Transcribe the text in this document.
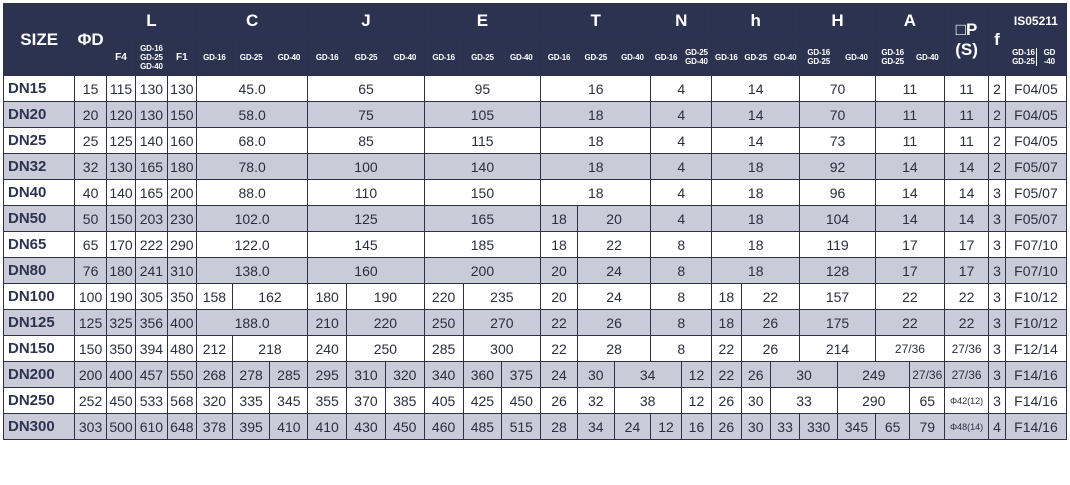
SIZE	ΦD	L			C			J			E			T			N		h			H		A		□P (S)	f	IS05211
		F4	GD-16 GD-25 GD-40	F1	GD-16	GD-25	GD-40	GD-16	GD-25	GD-40	GD-16	GD-25	GD-40	GD-16	GD-25	GD-40	GD-16	GD-25 GD-40	GD-16	GD-25	GD-40	GD-16 GD-25	GD-40	GD-16 GD-25	GD-40			GD-16 GD-25GD -40
DN15	15	115	130	130	45.0			65			95			16			4		14			70		11		11	2	F04/05
DN20	20	120	130	150	58.0			75			105			18			4		14			70		11		11	2	F04/05
DN25	25	125	140	160	68.0			85			115			18			4		14			73		11		11	2	F04/05
DN32	32	130	165	180	78.0			100			140			18			4		18			92		14		14	2	F05/07
DN40	40	140	165	200	88.0			110			150			18			4		18			96		14		14	3	F05/07
DN50	50	150	203	230	102.0			125			165			18	20		4		18			104		14		14	3	F05/07
DN65	65	170	222	290	122.0			145			185			18	22		8		18			119		17		17	3	F07/10
DN80	76	180	241	310	138.0			160			200			20	24		8		18			128		17		17	3	F07/10
DN100	100	190	305	350	158	162		180	190		220	235		20	24		8		18	22		157		22		22	3	F10/12
DN125	125	325	356	400	188.0			210	220		250	270		22	26		8		18	26		175		22		22	3	F10/12
DN150	150	350	394	480	212	218		240	250		285	300		22	28		8		22	26		214		27/36		27/36	3	F12/14
DN200	200	400	457	550	268	278	285	295	310	320	340	360	375	24	30	34		12	22	26	30		249		27/36	27/36	3	F14/16
DN250	252	450	533	568	320	335	345	355	370	385	405	425	450	26	32	38		12	26	30	33		290		65	Φ42(12)	3	F14/16
DN300	303	500	610	648	378	395	410	410	430	450	460	485	515	28	34	24	12	16	26	30	33	330	345	65	79	Φ48(14)	4	F14/16
